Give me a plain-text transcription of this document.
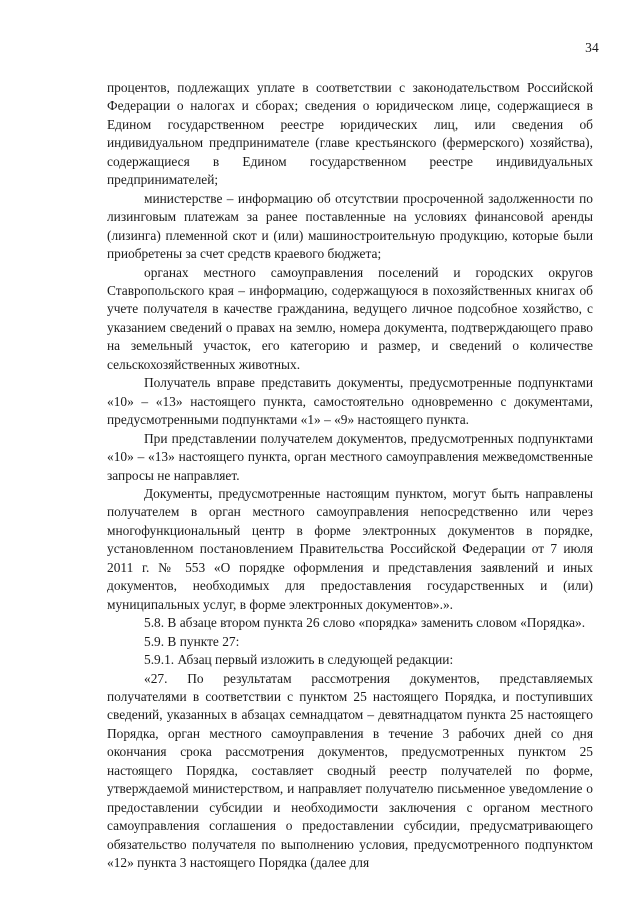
34

процентов, подлежащих уплате в соответствии с законодательством Российской Федерации о налогах и сборах; сведения о юридическом лице, содержащиеся в Едином государственном реестре юридических лиц, или сведения об индивидуальном предпринимателе (главе крестьянского (фермерского) хозяйства), содержащиеся в Едином государственном реестре индивидуальных предпринимателей;

министерстве – информацию об отсутствии просроченной задолженности по лизинговым платежам за ранее поставленные на условиях финансовой аренды (лизинга) племенной скот и (или) машиностроительную продукцию, которые были приобретены за счет средств краевого бюджета;

органах местного самоуправления поселений и городских округов Ставропольского края – информацию, содержащуюся в похозяйственных книгах об учете получателя в качестве гражданина, ведущего личное подсобное хозяйство, с указанием сведений о правах на землю, номера документа, подтверждающего право на земельный участок, его категорию и размер, и сведений о количестве сельскохозяйственных животных.

Получатель вправе представить документы, предусмотренные подпунктами «10» – «13» настоящего пункта, самостоятельно одновременно с документами, предусмотренными подпунктами «1» – «9» настоящего пункта.

При представлении получателем документов, предусмотренных подпунктами «10» – «13» настоящего пункта, орган местного самоуправления межведомственные запросы не направляет.

Документы, предусмотренные настоящим пунктом, могут быть направлены получателем в орган местного самоуправления непосредственно или через многофункциональный центр в форме электронных документов в порядке, установленном постановлением Правительства Российской Федерации от 7 июля 2011 г. № 553 «О порядке оформления и представления заявлений и иных документов, необходимых для предоставления государственных и (или) муниципальных услуг, в форме электронных документов».».

5.8. В абзаце втором пункта 26 слово «порядка» заменить словом «Порядка».

5.9. В пункте 27:

5.9.1. Абзац первый изложить в следующей редакции:

«27. По результатам рассмотрения документов, представляемых получателями в соответствии с пунктом 25 настоящего Порядка, и поступивших сведений, указанных в абзацах семнадцатом – девятнадцатом пункта 25 настоящего Порядка, орган местного самоуправления в течение 3 рабочих дней со дня окончания срока рассмотрения документов, предусмотренных пунктом 25 настоящего Порядка, составляет сводный реестр получателей по форме, утверждаемой министерством, и направляет получателю письменное уведомление о предоставлении субсидии и необходимости заключения с органом местного самоуправления соглашения о предоставлении субсидии, предусматривающего обязательство получателя по выполнению условия, предусмотренного подпунктом «12» пункта 3 настоящего Порядка (далее для
